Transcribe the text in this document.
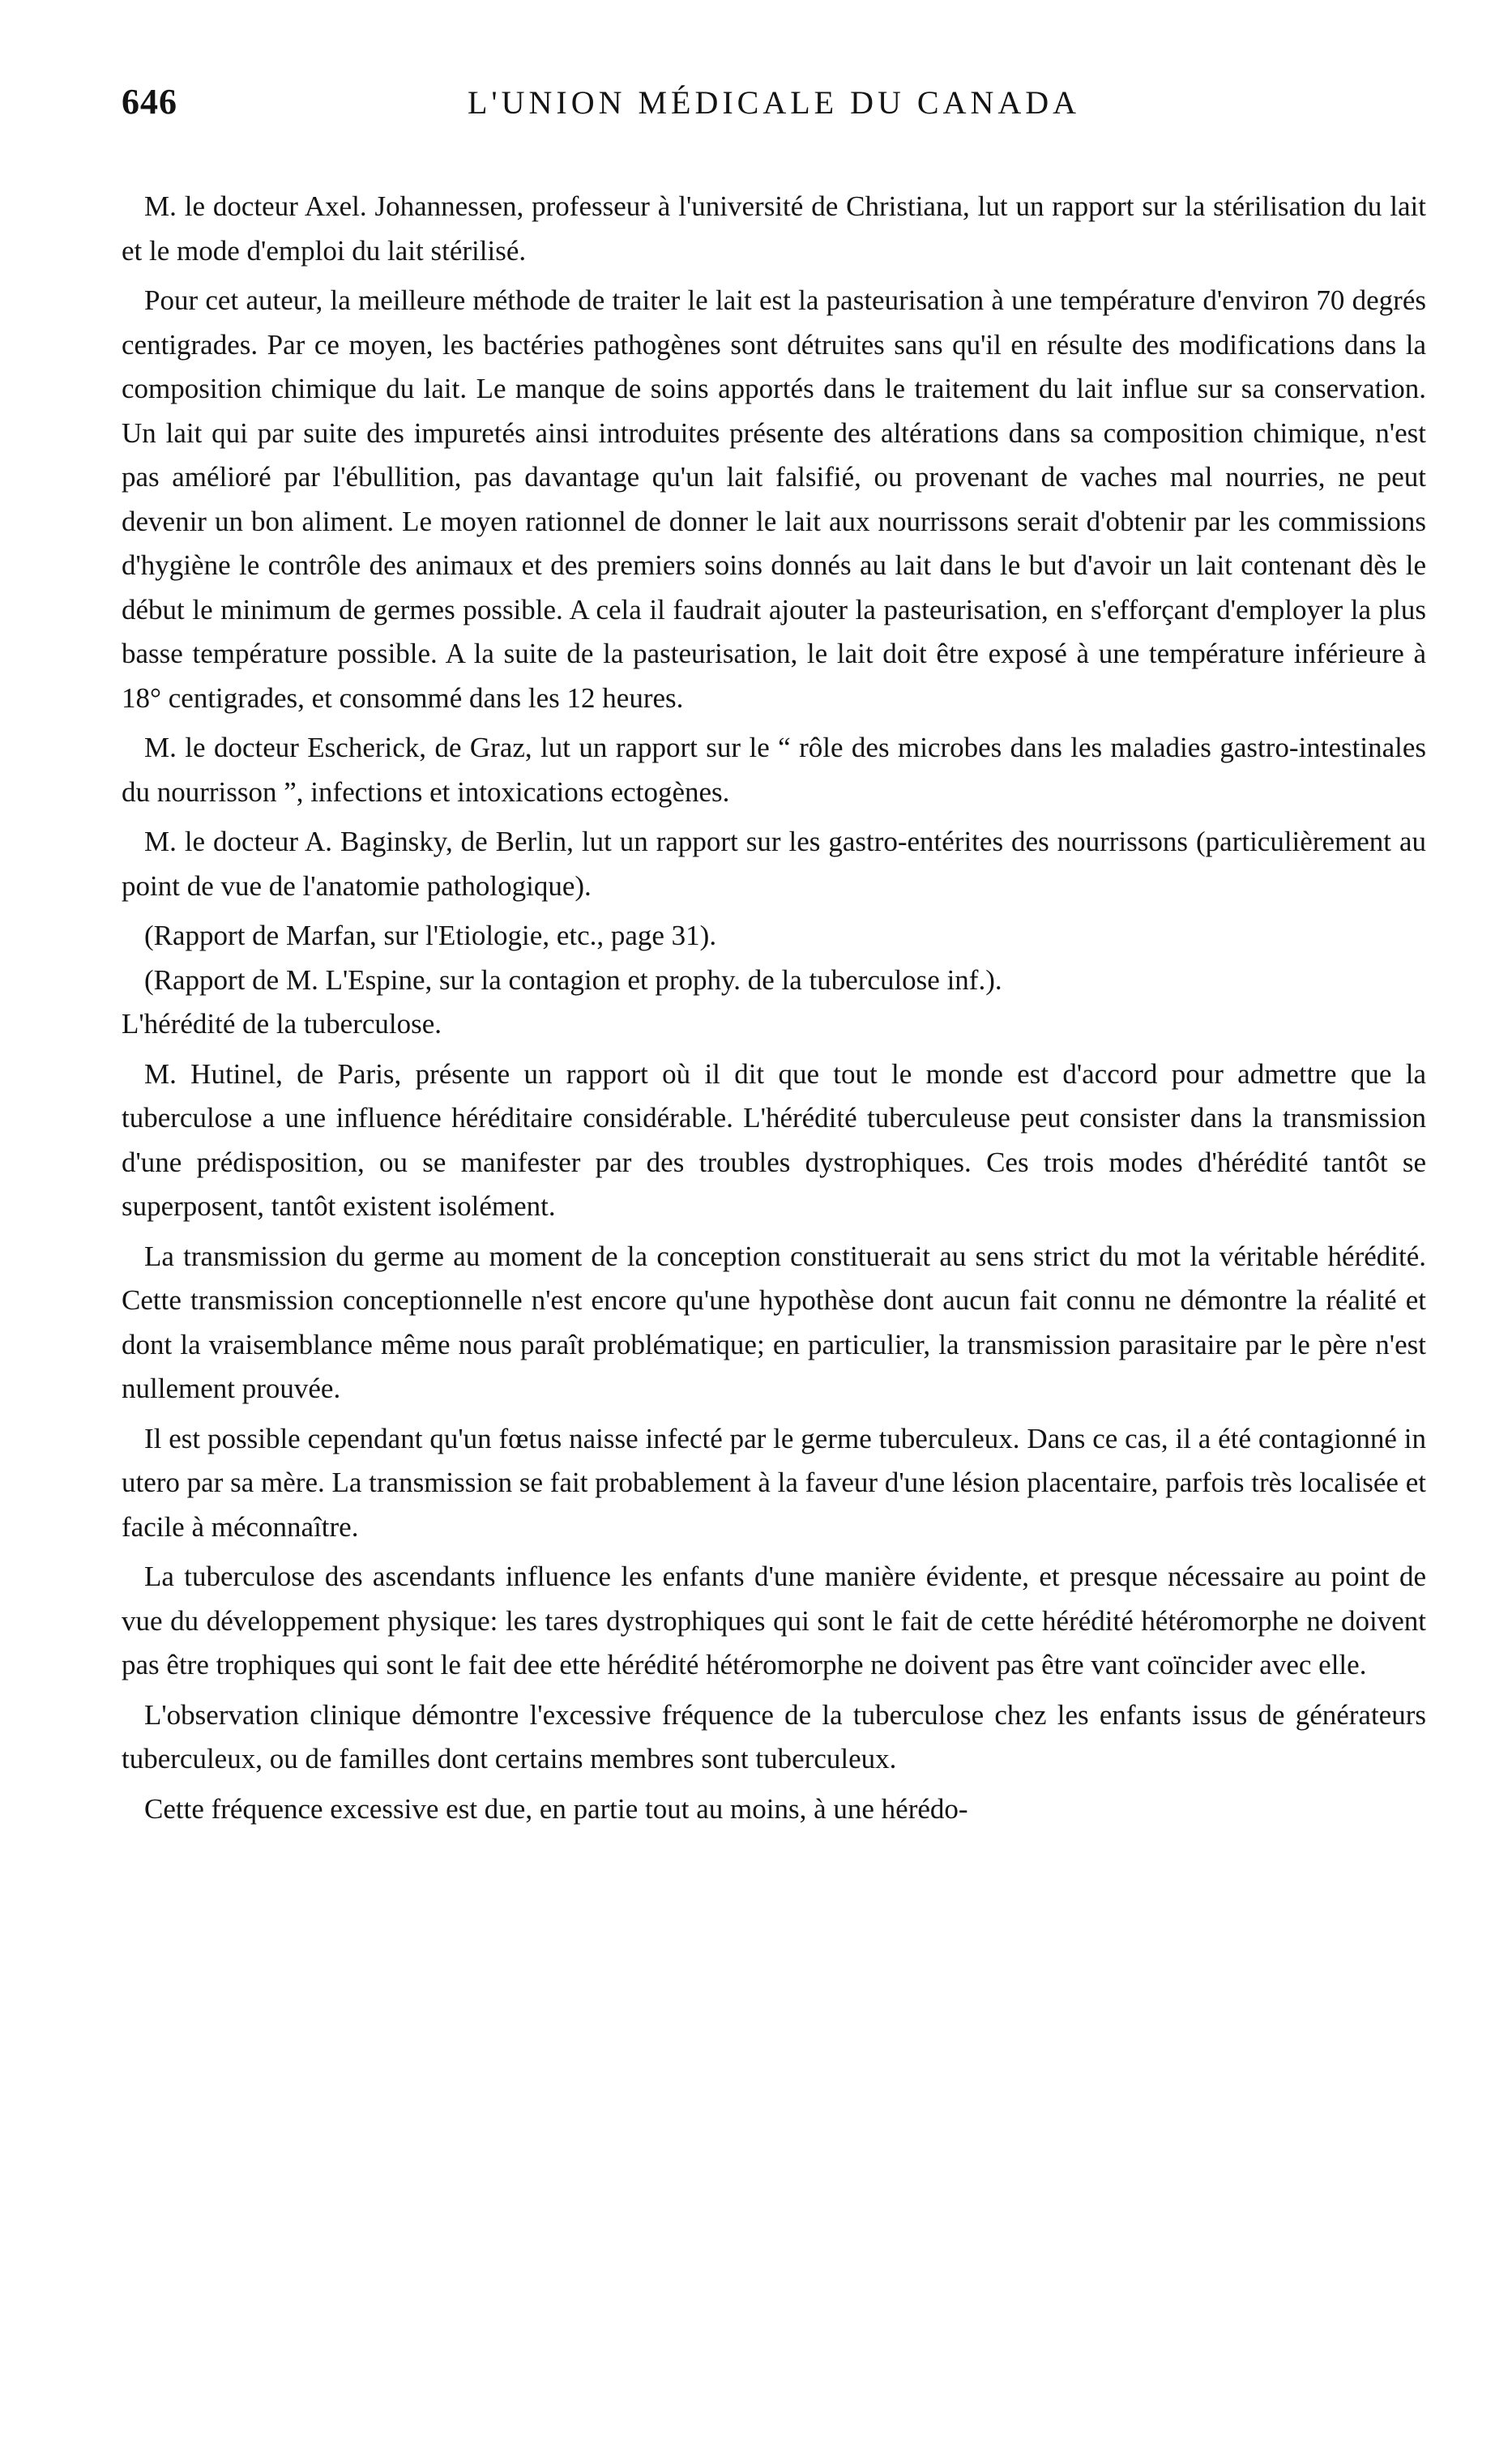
646	L'UNION MÉDICALE DU CANADA

M. le docteur Axel. Johannessen, professeur à l'université de Christiana, lut un rapport sur la stérilisation du lait et le mode d'emploi du lait stérilisé.

Pour cet auteur, la meilleure méthode de traiter le lait est la pasteurisation à une température d'environ 70 degrés centigrades. Par ce moyen, les bactéries pathogènes sont détruites sans qu'il en résulte des modifications dans la composition chimique du lait. Le manque de soins apportés dans le traitement du lait influe sur sa conservation. Un lait qui par suite des impuretés ainsi introduites présente des altérations dans sa composition chimique, n'est pas amélioré par l'ébullition, pas davantage qu'un lait falsifié, ou provenant de vaches mal nourries, ne peut devenir un bon aliment. Le moyen rationnel de donner le lait aux nourrissons serait d'obtenir par les commissions d'hygiène le contrôle des animaux et des premiers soins donnés au lait dans le but d'avoir un lait contenant dès le début le minimum de germes possible. A cela il faudrait ajouter la pasteurisation, en s'efforçant d'employer la plus basse température possible. A la suite de la pasteurisation, le lait doit être exposé à une température inférieure à 18° centigrades, et consommé dans les 12 heures.

M. le docteur Escherick, de Graz, lut un rapport sur le “ rôle des microbes dans les maladies gastro-intestinales du nourrisson ”, infections et intoxications ectogènes.

M. le docteur A. Baginsky, de Berlin, lut un rapport sur les gastro-entérites des nourrissons (particulièrement au point de vue de l'anatomie pathologique).

(Rapport de Marfan, sur l'Etiologie, etc., page 31).

(Rapport de M. L'Espine, sur la contagion et prophy. de la tuberculose inf.).

L'hérédité de la tuberculose.

M. Hutinel, de Paris, présente un rapport où il dit que tout le monde est d'accord pour admettre que la tuberculose a une influence héréditaire considérable. L'hérédité tuberculeuse peut consister dans la transmission d'une prédisposition, ou se manifester par des troubles dystrophiques. Ces trois modes d'hérédité tantôt se superposent, tantôt existent isolément.

La transmission du germe au moment de la conception constituerait au sens strict du mot la véritable hérédité. Cette transmission conceptionnelle n'est encore qu'une hypothèse dont aucun fait connu ne démontre la réalité et dont la vraisemblance même nous paraît problématique; en particulier, la transmission parasitaire par le père n'est nullement prouvée.

Il est possible cependant qu'un fœtus naisse infecté par le germe tuberculeux. Dans ce cas, il a été contagionné in utero par sa mère. La transmission se fait probablement à la faveur d'une lésion placentaire, parfois très localisée et facile à méconnaître.

La tuberculose des ascendants influence les enfants d'une manière évidente, et presque nécessaire au point de vue du développement physique: les tares dystrophiques qui sont le fait de cette hérédité hétéromorphe ne doivent pas être trophiques qui sont le fait dee ette hérédité hétéromorphe ne doivent pas être vant coïncider avec elle.

L'observation clinique démontre l'excessive fréquence de la tuberculose chez les enfants issus de générateurs tuberculeux, ou de familles dont certains membres sont tuberculeux.

Cette fréquence excessive est due, en partie tout au moins, à une hérédo-
